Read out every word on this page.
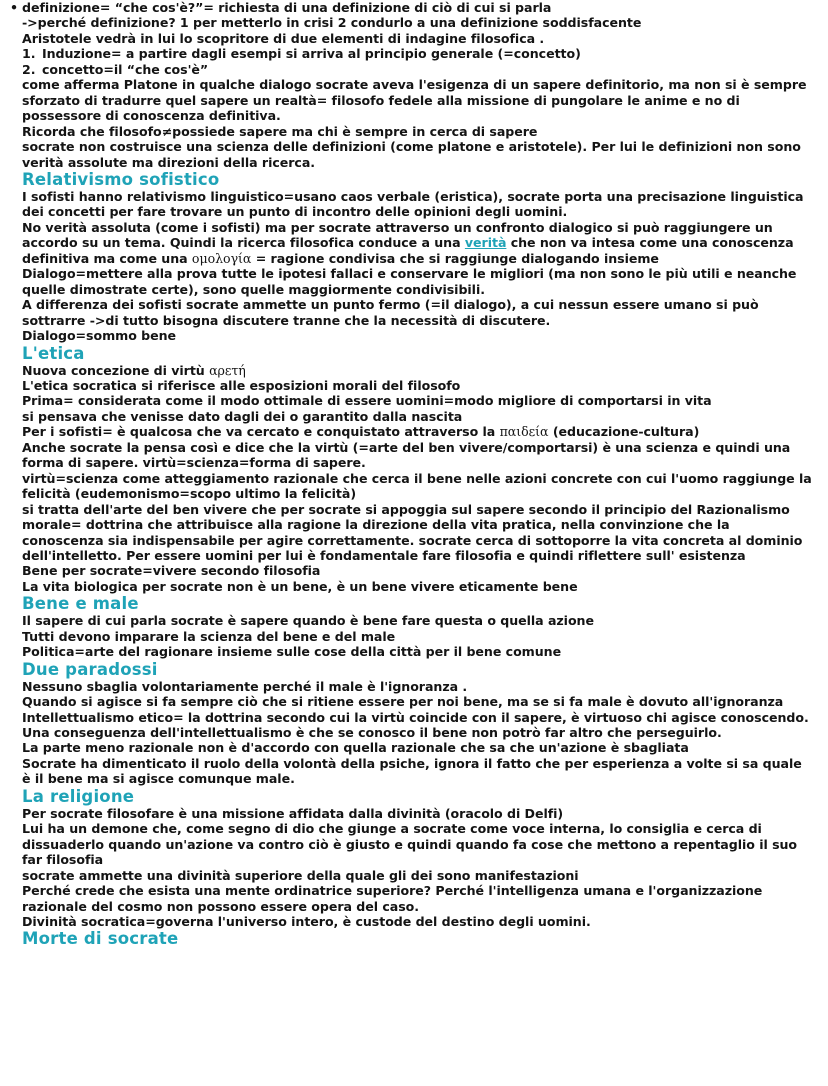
• definizione= “che cos'è?”= richiesta di una definizione di ciò di cui si parla

->perché definizione? 1 per metterlo in crisi 2 condurlo a una definizione soddisfacente

Aristotele vedrà in lui lo scopritore di due elementi di indagine filosofica .

1. Induzione= a partire dagli esempi si arriva al principio generale (=concetto)

2. concetto=il “che cos'è”

come afferma Platone in qualche dialogo socrate aveva l'esigenza di un sapere definitorio, ma non si è sempre sforzato di tradurre quel sapere un realtà= filosofo fedele alla missione di pungolare le anime e no di possessore di conoscenza definitiva.

Ricorda che filosofo≠possiede sapere ma chi è sempre in cerca di sapere

socrate non costruisce una scienza delle definizioni (come platone e aristotele). Per lui le definizioni non sono verità assolute ma direzioni della ricerca.

Relativismo sofistico

I sofisti hanno relativismo linguistico=usano caos verbale (eristica), socrate porta una precisazione linguistica dei concetti per fare trovare un punto di incontro delle opinioni degli uomini.

No verità assoluta (come i sofisti) ma per socrate attraverso un confronto dialogico si può raggiungere un accordo su un tema. Quindi la ricerca filosofica conduce a una verità che non va intesa come una conoscenza definitiva ma come una ομολογία = ragione condivisa che si raggiunge dialogando insieme

Dialogo=mettere alla prova tutte le ipotesi fallaci e conservare le migliori (ma non sono le più utili e neanche quelle dimostrate certe), sono quelle maggiormente condivisibili.

A differenza dei sofisti socrate ammette un punto fermo (=il dialogo), a cui nessun essere umano si può sottrarre ->di tutto bisogna discutere tranne che la necessità di discutere.

Dialogo=sommo bene

L'etica

Nuova concezione di virtù αρετή

L'etica socratica si riferisce alle esposizioni morali del filosofo

Prima= considerata come il modo ottimale di essere uomini=modo migliore di comportarsi in vita

si pensava che venisse dato dagli dei o garantito dalla nascita

Per i sofisti= è qualcosa che va cercato e conquistato attraverso la παιδεία (educazione-cultura)

Anche socrate la pensa così e dice che la virtù (=arte del ben vivere/comportarsi) è una scienza e quindi una forma di sapere. virtù=scienza=forma di sapere.

virtù=scienza come atteggiamento razionale che cerca il bene nelle azioni concrete con cui l'uomo raggiunge la felicità (eudemonismo=scopo ultimo la felicità)

si tratta dell'arte del ben vivere che per socrate si appoggia sul sapere secondo il principio del Razionalismo morale= dottrina che attribuisce alla ragione la direzione della vita pratica, nella convinzione che la conoscenza sia indispensabile per agire correttamente. socrate cerca di sottoporre la vita concreta al dominio dell'intelletto. Per essere uomini per lui è fondamentale fare filosofia e quindi riflettere sull' esistenza

Bene per socrate=vivere secondo filosofia

La vita biologica per socrate non è un bene, è un bene vivere eticamente bene

Bene e male

Il sapere di cui parla socrate è sapere quando è bene fare questa o quella azione

Tutti devono imparare la scienza del bene e del male

Politica=arte del ragionare insieme sulle cose della città per il bene comune

Due paradossi

Nessuno sbaglia volontariamente perché il male è l'ignoranza .

Quando si agisce si fa sempre ciò che si ritiene essere per noi bene, ma se si fa male è dovuto all'ignoranza

Intellettualismo etico= la dottrina secondo cui la virtù coincide con il sapere, è virtuoso chi agisce conoscendo. Una conseguenza dell'intellettualismo è che se conosco il bene non potrò far altro che perseguirlo.

La parte meno razionale non è d'accordo con quella razionale che sa che un'azione è sbagliata

Socrate ha dimenticato il ruolo della volontà della psiche, ignora il fatto che per esperienza a volte si sa quale è il bene ma si agisce comunque male.

La religione

Per socrate filosofare è una missione affidata dalla divinità (oracolo di Delfi)

Lui ha un demone che, come segno di dio che giunge a socrate come voce interna, lo consiglia e cerca di dissuaderlo quando un'azione va contro ciò è giusto e quindi quando fa cose che mettono a repentaglio il suo far filosofia

socrate ammette una divinità superiore della quale gli dei sono manifestazioni

Perché crede che esista una mente ordinatrice superiore? Perché l'intelligenza umana e l'organizzazione razionale del cosmo non possono essere opera del caso.

Divinità socratica=governa l'universo intero, è custode del destino degli uomini.

Morte di socrate
